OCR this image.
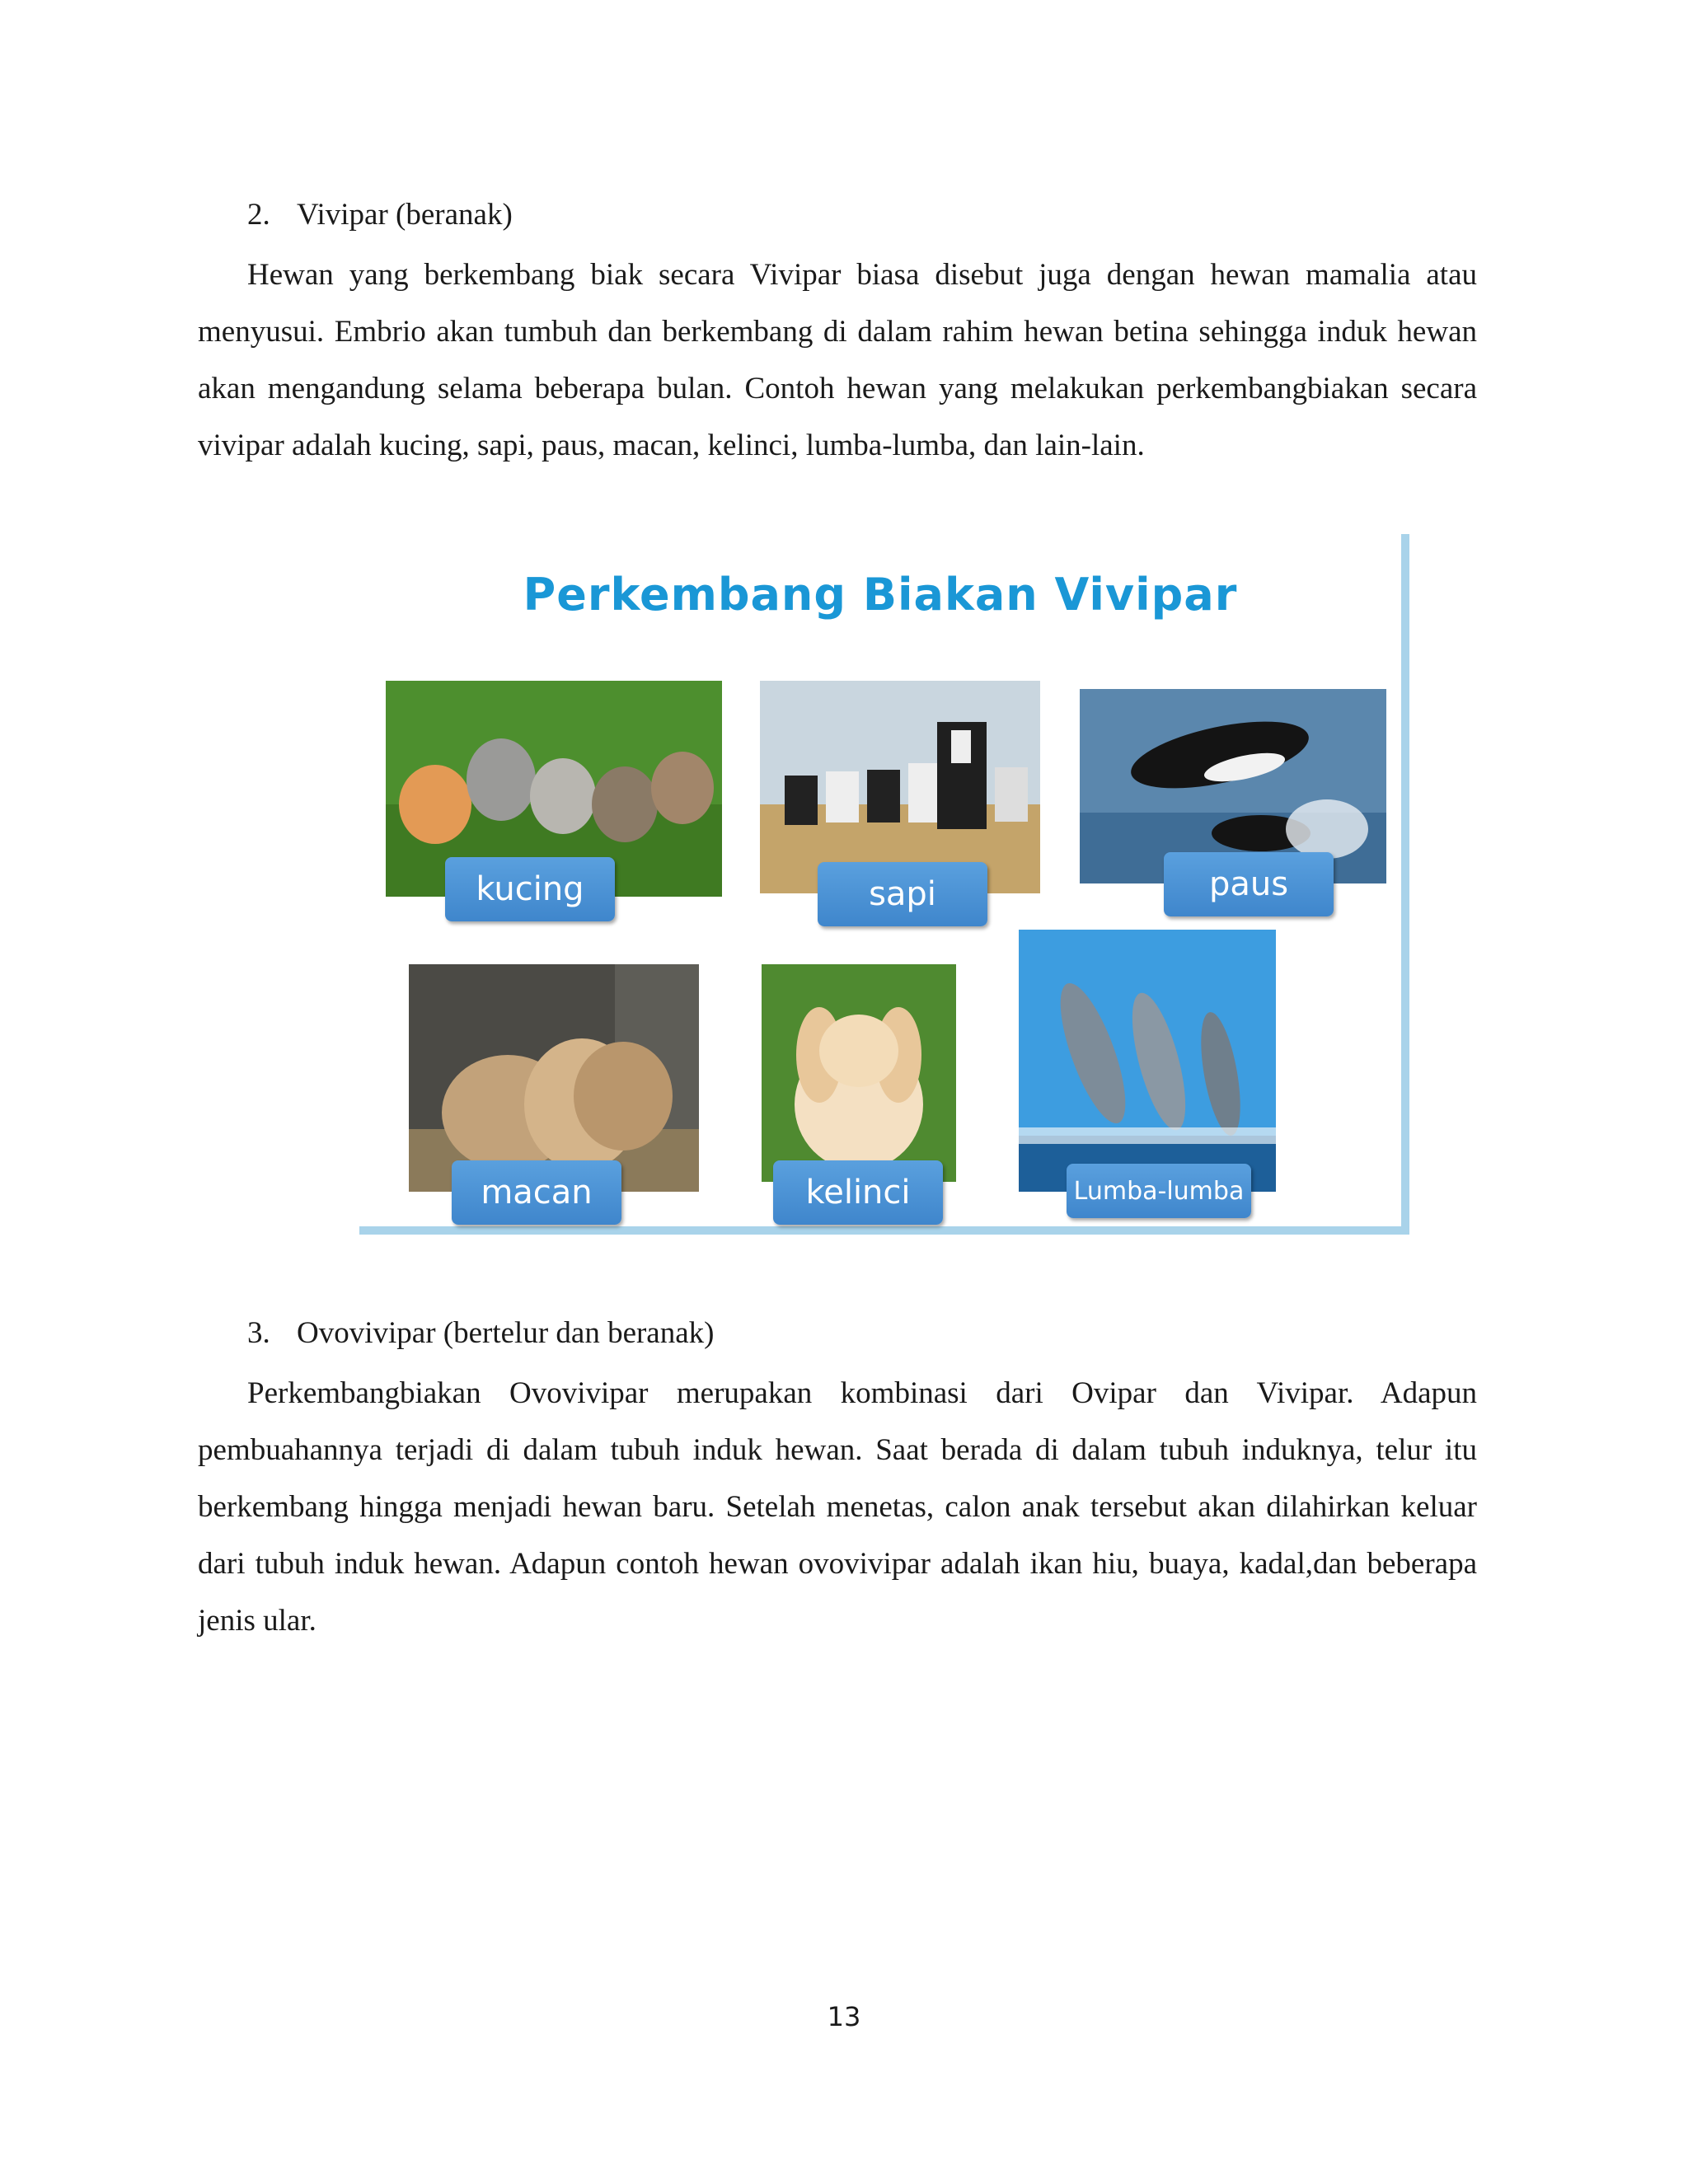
2. Vivipar (beranak)

Hewan yang berkembang biak secara Vivipar biasa disebut juga dengan hewan mamalia atau menyusui. Embrio akan tumbuh dan berkembang di dalam rahim hewan betina sehingga induk hewan akan mengandung selama beberapa bulan. Contoh hewan yang melakukan perkembangbiakan secara vivipar adalah kucing, sapi, paus, macan, kelinci, lumba-lumba, dan lain-lain.

Perkembang Biakan Vivipar

kucing	sapi	paus
macan	kelinci	Lumba-lumba

3. Ovovivipar (bertelur dan beranak)

Perkembangbiakan Ovovivipar merupakan kombinasi dari Ovipar dan Vivipar. Adapun pembuahannya terjadi di dalam tubuh induk hewan. Saat berada di dalam tubuh induknya, telur itu berkembang hingga menjadi hewan baru. Setelah menetas, calon anak tersebut akan dilahirkan keluar dari tubuh induk hewan. Adapun contoh hewan ovovivipar adalah ikan hiu, buaya, kadal,dan beberapa jenis ular.

13
